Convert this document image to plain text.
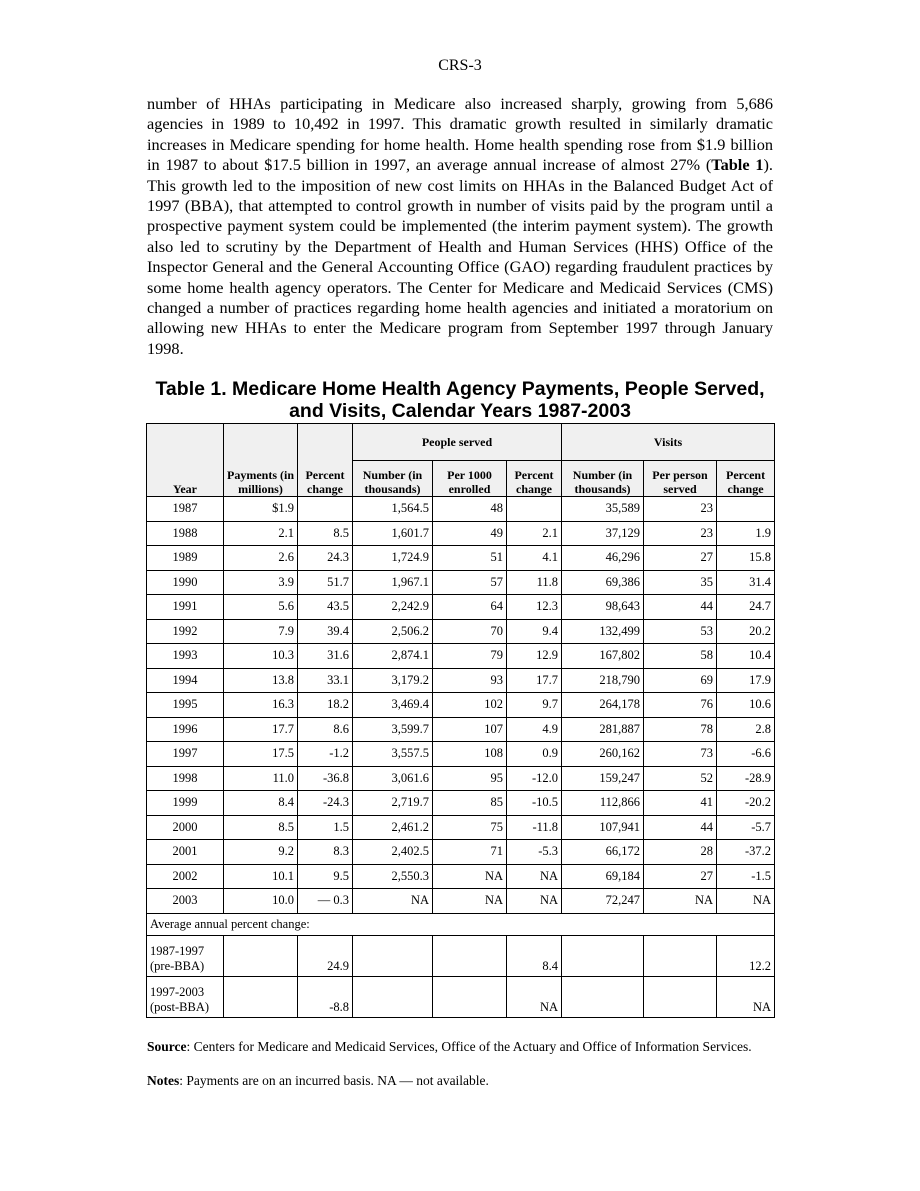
CRS-3

number of HHAs participating in Medicare also increased sharply, growing from 5,686 agencies in 1989 to 10,492 in 1997. This dramatic growth resulted in similarly dramatic increases in Medicare spending for home health. Home health spending rose from $1.9 billion in 1987 to about $17.5 billion in 1997, an average annual increase of almost 27% (Table 1). This growth led to the imposition of new cost limits on HHAs in the Balanced Budget Act of 1997 (BBA), that attempted to control growth in number of visits paid by the program until a prospective payment system could be implemented (the interim payment system). The growth also led to scrutiny by the Department of Health and Human Services (HHS) Office of the Inspector General and the General Accounting Office (GAO) regarding fraudulent practices by some home health agency operators. The Center for Medicare and Medicaid Services (CMS) changed a number of practices regarding home health agencies and initiated a moratorium on allowing new HHAs to enter the Medicare program from September 1997 through January 1998.

Table 1. Medicare Home Health Agency Payments, People Served,
and Visits, Calendar Years 1987-2003
Year	Payments (in millions)	Percent change	People served			Visits		
			Number (in thousands)	Per 1000 enrolled	Percent change	Number (in thousands)	Per person served	Percent change
1987	$1.9		1,564.5	48		35,589	23	
1988	2.1	8.5	1,601.7	49	2.1	37,129	23	1.9
1989	2.6	24.3	1,724.9	51	4.1	46,296	27	15.8
1990	3.9	51.7	1,967.1	57	11.8	69,386	35	31.4
1991	5.6	43.5	2,242.9	64	12.3	98,643	44	24.7
1992	7.9	39.4	2,506.2	70	9.4	132,499	53	20.2
1993	10.3	31.6	2,874.1	79	12.9	167,802	58	10.4
1994	13.8	33.1	3,179.2	93	17.7	218,790	69	17.9
1995	16.3	18.2	3,469.4	102	9.7	264,178	76	10.6
1996	17.7	8.6	3,599.7	107	4.9	281,887	78	2.8
1997	17.5	-1.2	3,557.5	108	0.9	260,162	73	-6.6
1998	11.0	-36.8	3,061.6	95	-12.0	159,247	52	-28.9
1999	8.4	-24.3	2,719.7	85	-10.5	112,866	41	-20.2
2000	8.5	1.5	2,461.2	75	-11.8	107,941	44	-5.7
2001	9.2	8.3	2,402.5	71	-5.3	66,172	28	-37.2
2002	10.1	9.5	2,550.3	NA	NA	69,184	27	-1.5
2003	10.0	— 0.3	NA	NA	NA	72,247	NA	NA
Average annual percent change:								
1987-1997
(pre-BBA)		24.9			8.4			12.2
1997-2003
(post-BBA)		-8.8			NA			NA

Source: Centers for Medicare and Medicaid Services, Office of the Actuary and Office of Information Services.

Notes: Payments are on an incurred basis. NA — not available.
